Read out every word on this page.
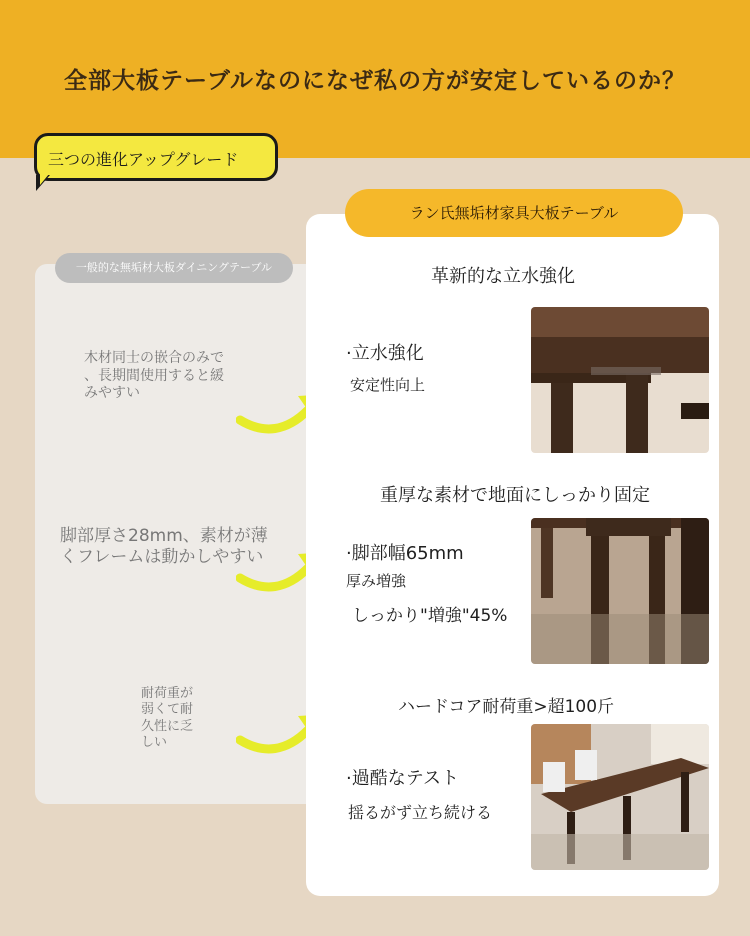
全部大板テーブルなのになぜ私の方が安定しているのか？
三つの進化アップグレード
一般的な無垢材大板ダイニングテーブル
木材同士の嵌合のみで
、長期間使用すると緩
みやすい
脚部厚さ28mm、素材が薄
くフレームは動かしやすい
耐荷重が
弱くて耐
久性に乏
しい
ラン氏無垢材家具大板テーブル
革新的な立水強化
·立水強化
安定性向上
重厚な素材で地面にしっかり固定
·脚部幅65mm
厚み増強
しっかり"増強"45%
ハードコア耐荷重>超100斤
·過酷なテスト
揺るがず立ち続ける
